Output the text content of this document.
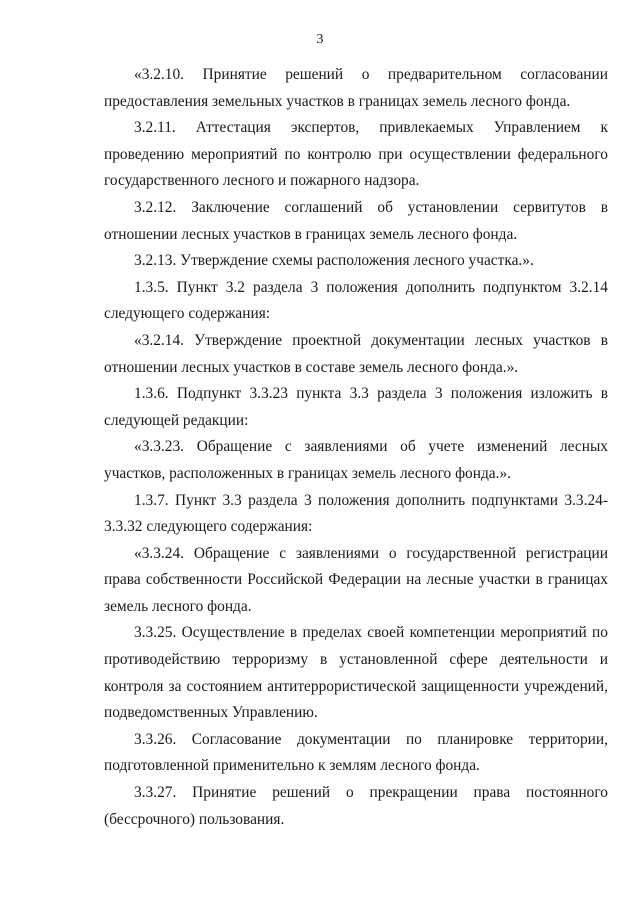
3

«3.2.10. Принятие решений о предварительном согласовании предоставления земельных участков в границах земель лесного фонда.

3.2.11. Аттестация экспертов, привлекаемых Управлением к проведению мероприятий по контролю при осуществлении федерального государственного лесного и пожарного надзора.

3.2.12. Заключение соглашений об установлении сервитутов в отношении лесных участков в границах земель лесного фонда.

3.2.13. Утверждение схемы расположения лесного участка.».

1.3.5. Пункт 3.2 раздела 3 положения дополнить подпунктом 3.2.14 следующего содержания:

«3.2.14. Утверждение проектной документации лесных участков в отношении лесных участков в составе земель лесного фонда.».

1.3.6. Подпункт 3.3.23 пункта 3.3 раздела 3 положения изложить в следующей редакции:

«3.3.23. Обращение с заявлениями об учете изменений лесных участков, расположенных в границах земель лесного фонда.».

1.3.7. Пункт 3.3 раздела 3 положения дополнить подпунктами 3.3.24-3.3.32 следующего содержания:

«3.3.24. Обращение с заявлениями о государственной регистрации права собственности Российской Федерации на лесные участки в границах земель лесного фонда.

3.3.25. Осуществление в пределах своей компетенции мероприятий по противодействию терроризму в установленной сфере деятельности и контроля за состоянием антитеррористической защищенности учреждений, подведомственных Управлению.

3.3.26. Согласование документации по планировке территории, подготовленной применительно к землям лесного фонда.

3.3.27. Принятие решений о прекращении права постоянного (бессрочного) пользования.
